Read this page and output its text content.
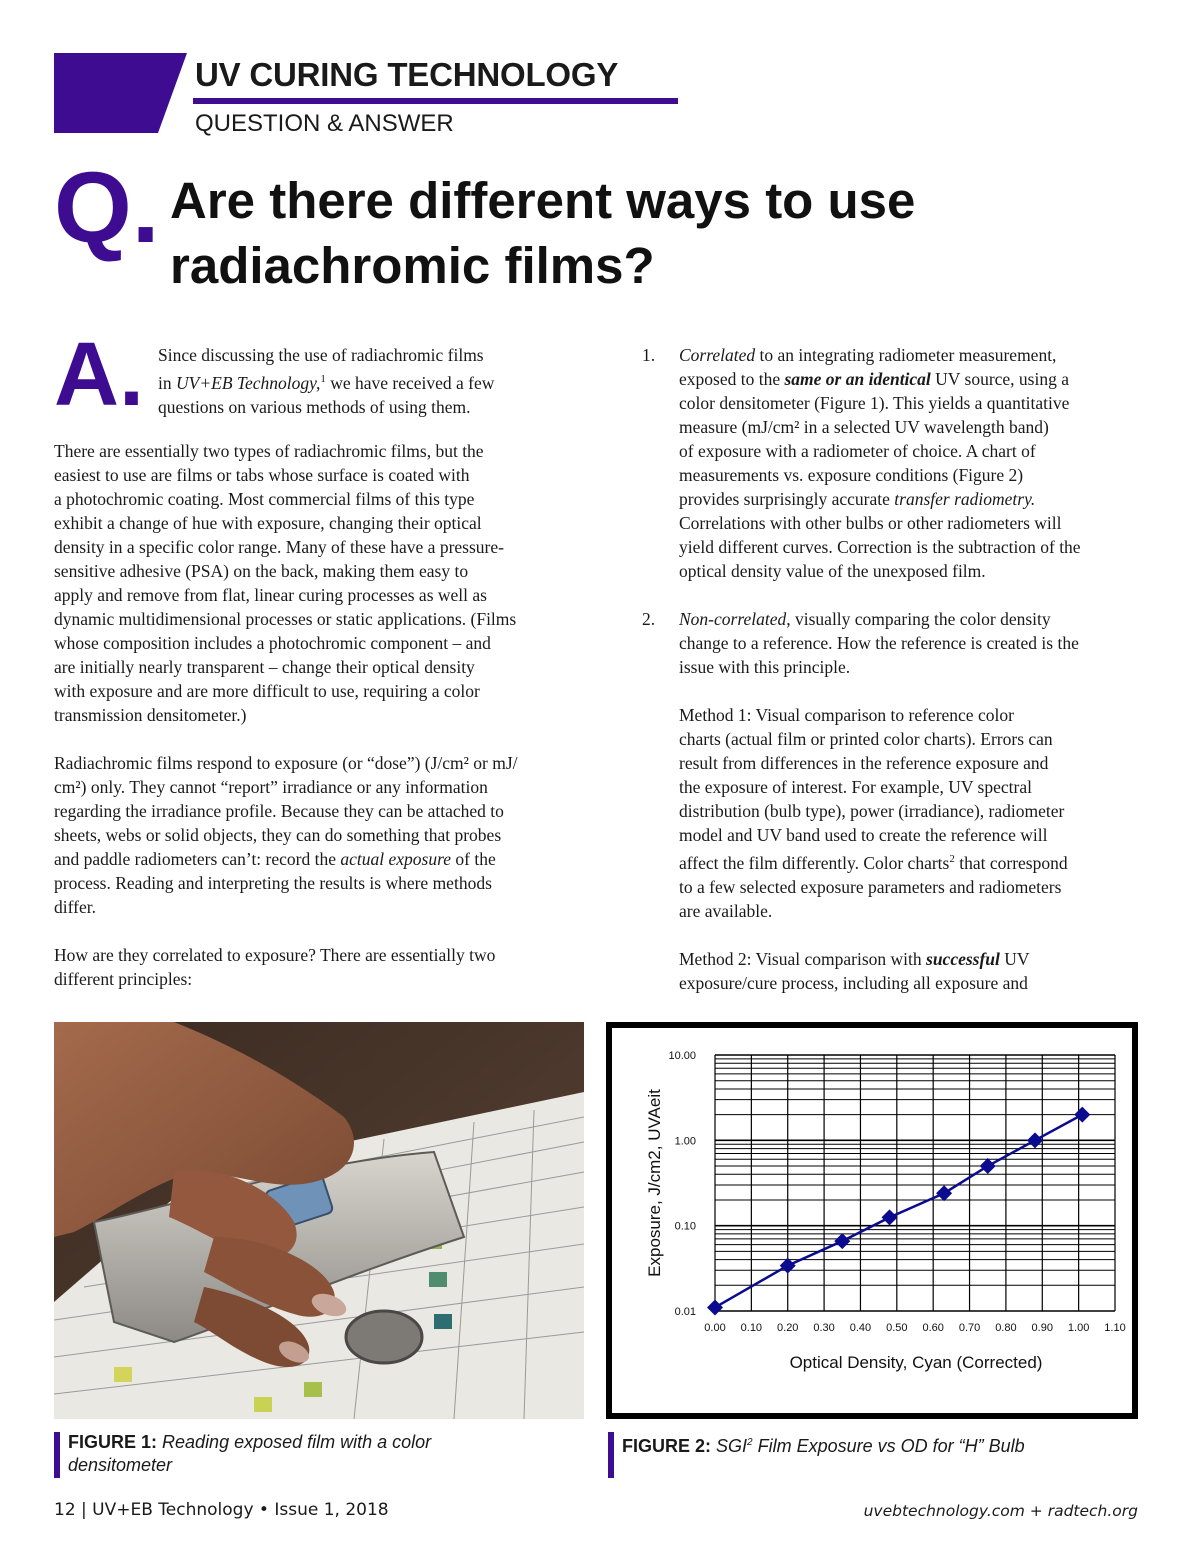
UV CURING TECHNOLOGY
QUESTION & ANSWER
Q. Are there different ways to use
radiachromic films?
A. Since discussing the use of radiachromic films

in UV+EB Technology,$^1$ we have received a few

questions on various methods of using them.

There are essentially two types of radiachromic films, but the

easiest to use are films or tabs whose surface is coated with

a photochromic coating. Most commercial films of this type

exhibit a change of hue with exposure, changing their optical

density in a specific color range. Many of these have a pressure-

sensitive adhesive (PSA) on the back, making them easy to

apply and remove from flat, linear curing processes as well as

dynamic multidimensional processes or static applications. (Films

whose composition includes a photochromic component – and

are initially nearly transparent – change their optical density

with exposure and are more difficult to use, requiring a color

transmission densitometer.)

Radiachromic films respond to exposure (or “dose”) (J/cm² or mJ/

cm²) only. They cannot “report” irradiance or any information

regarding the irradiance profile. Because they can be attached to

sheets, webs or solid objects, they can do something that probes

and paddle radiometers can’t: record the actual exposure of the

process. Reading and interpreting the results is where methods

differ.

How are they correlated to exposure? There are essentially two

different principles:

1. Correlated to an integrating radiometer measurement,

exposed to the same or an identical UV source, using a

color densitometer (Figure 1). This yields a quantitative

measure (mJ/cm² in a selected UV wavelength band)

of exposure with a radiometer of choice. A chart of

measurements vs. exposure conditions (Figure 2)

provides surprisingly accurate transfer radiometry.

Correlations with other bulbs or other radiometers will

yield different curves. Correction is the subtraction of the

optical density value of the unexposed film.

2. Non-correlated, visually comparing the color density

change to a reference. How the reference is created is the

issue with this principle.

Method 1: Visual comparison to reference color

charts (actual film or printed color charts). Errors can

result from differences in the reference exposure and

the exposure of interest. For example, UV spectral

distribution (bulb type), power (irradiance), radiometer

model and UV band used to create the reference will

affect the film differently. Color charts$^2$ that correspond

to a few selected exposure parameters and radiometers

are available.

Method 2: Visual comparison with successful UV

exposure/cure process, including all exposure and

0.00 0.10 0.20 0.30 0.40 0.50 0.60 0.70 0.80 0.90 1.00 1.10
10.00
1.00
0.10
0.01
Optical Density, Cyan (Corrected)
Exposure, J/cm2, UVAeit
FIGURE 1: Reading exposed film with a color
densitometer
FIGURE 2: SGI$^2$ Film Exposure vs OD for “H” Bulb
12 | UV+EB Technology • Issue 1, 2018	uvebtechnology.com + radtech.org
